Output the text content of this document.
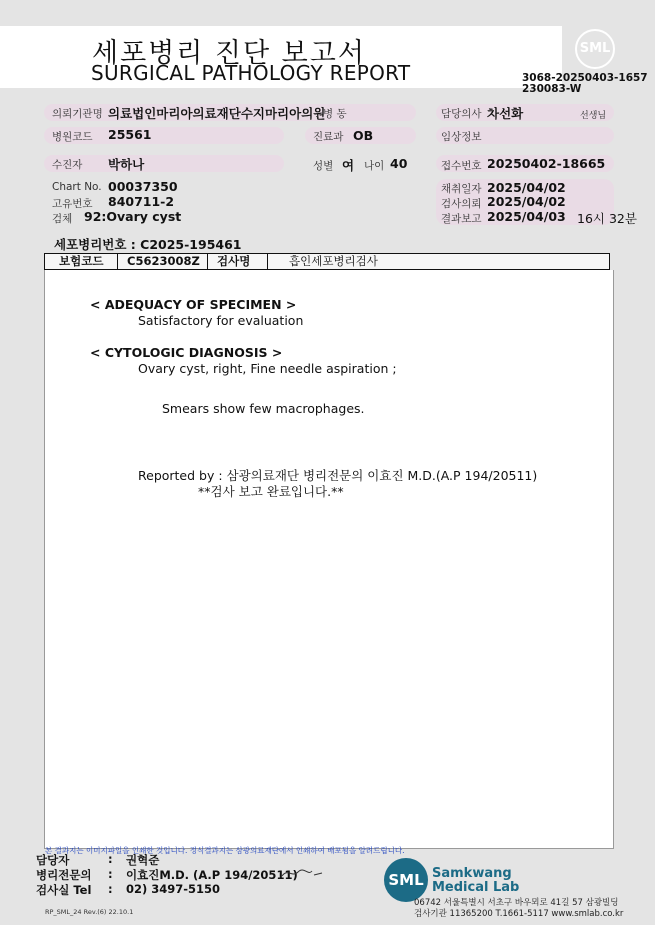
세포병리 진단 보고서
SURGICAL PATHOLOGY REPORT
SML
3068-20250403-1657
230083-W
의뢰기관명 의료법인마리아의료재단수지마리아의원
병 동	담당의사 차선화	선생님
병원코드 25561	진료과 OB	임상정보
수진자 박하나	성별 여 나이 40	접수번호 20250402-18665
Chart No. 00037350
고유번호 840711-2
검체 92:Ovary cyst
채취일자 2025/04/02
검사의뢰 2025/04/02
결과보고 2025/04/03 16시 32분
세포병리번호 : C2025-195461
보험코드 C5623008Z 검사명	흡인세포병리검사
< ADEQUACY OF SPECIMEN >
Satisfactory for evaluation
< CYTOLOGIC DIAGNOSIS >
Ovary cyst, right, Fine needle aspiration ;
Smears show few macrophages.
Reported by : 삼광의료재단 병리전문의 이효진 M.D.(A.P 194/20511)
**검사 보고 완료입니다.**
본 결과지는 이미지파일을 인쇄한 것입니다. 정식결과지는 삼광의료재단에서 인쇄하여 배포됨을 알려드립니다.
담당자	: 권혁준
병리전문의 : 이효진M.D. (A.P 194/20511)
검사실 Tel : 02) 3497-5150
RP_SML_24 Rev.(6) 22.10.1
SML Samkwang
Medical Lab
06742 서울특별시 서초구 바우뫼로 41길 57 삼광빌딩
검사기관 11365200 T.1661-5117 www.smlab.co.kr
